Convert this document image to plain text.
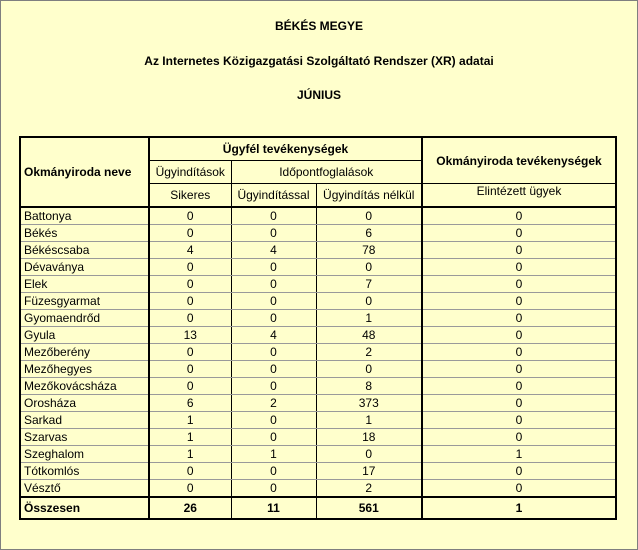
BÉKÉS MEGYE
Az Internetes Közigazgatási Szolgáltató Rendszer (XR) adatai
JÚNIUS
Okmányiroda neve	Ügyfél tevékenységek			Okmányiroda tevékenységek
	Ügyindítások	Időpontfoglalások		
	Sikeres	Ügyindítással	Ügyindítás nélkül	Elintézett ügyek
Battonya	0	0	0	0
Békés	0	0	6	0
Békéscsaba	4	4	78	0
Dévaványa	0	0	0	0
Elek	0	0	7	0
Füzesgyarmat	0	0	0	0
Gyomaendrőd	0	0	1	0
Gyula	13	4	48	0
Mezőberény	0	0	2	0
Mezőhegyes	0	0	0	0
Mezőkovácsháza	0	0	8	0
Orosháza	6	2	373	0
Sarkad	1	0	1	0
Szarvas	1	0	18	0
Szeghalom	1	1	0	1
Tótkomlós	0	0	17	0
Vésztő	0	0	2	0
Összesen	26	11	561	1
